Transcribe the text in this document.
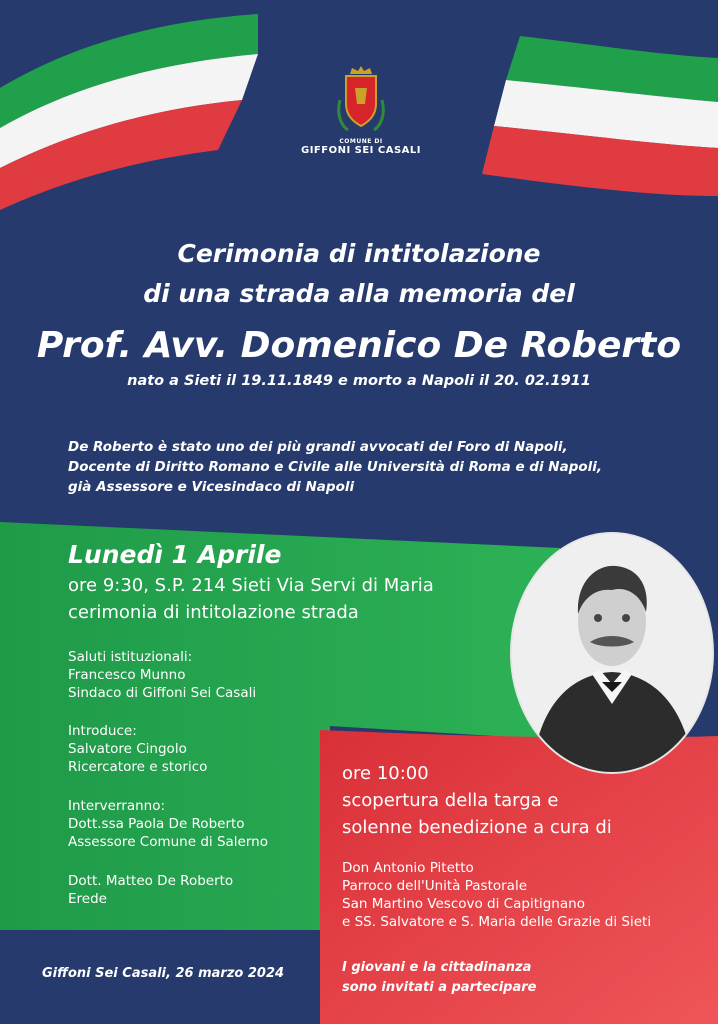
COMUNE DI
GIFFONI SEI CASALI
Cerimonia di intitolazione
di una strada alla memoria del
Prof. Avv. Domenico De Roberto
nato a Sieti il 19.11.1849 e morto a Napoli il 20. 02.1911
De Roberto è stato uno dei più grandi avvocati del Foro di Napoli,
Docente di Diritto Romano e Civile alle Università di Roma e di Napoli,
già Assessore e Vicesindaco di Napoli
Lunedì 1 Aprile
ore 9:30, S.P. 214 Sieti Via Servi di Maria
cerimonia di intitolazione strada
Saluti istituzionali:
Francesco Munno
Sindaco di Giffoni Sei Casali
Introduce:
Salvatore Cingolo
Ricercatore e storico
Interverranno:
Dott.ssa Paola De Roberto
Assessore Comune di Salerno
Dott. Matteo De Roberto
Erede
ore 10:00
scopertura della targa e
solenne benedizione a cura di
Don Antonio Pitetto
Parroco dell'Unità Pastorale
San Martino Vescovo di Capitignano
e SS. Salvatore e S. Maria delle Grazie di Sieti
Giffoni Sei Casali, 26 marzo 2024	I giovani e la cittadinanza
sono invitati a partecipare
